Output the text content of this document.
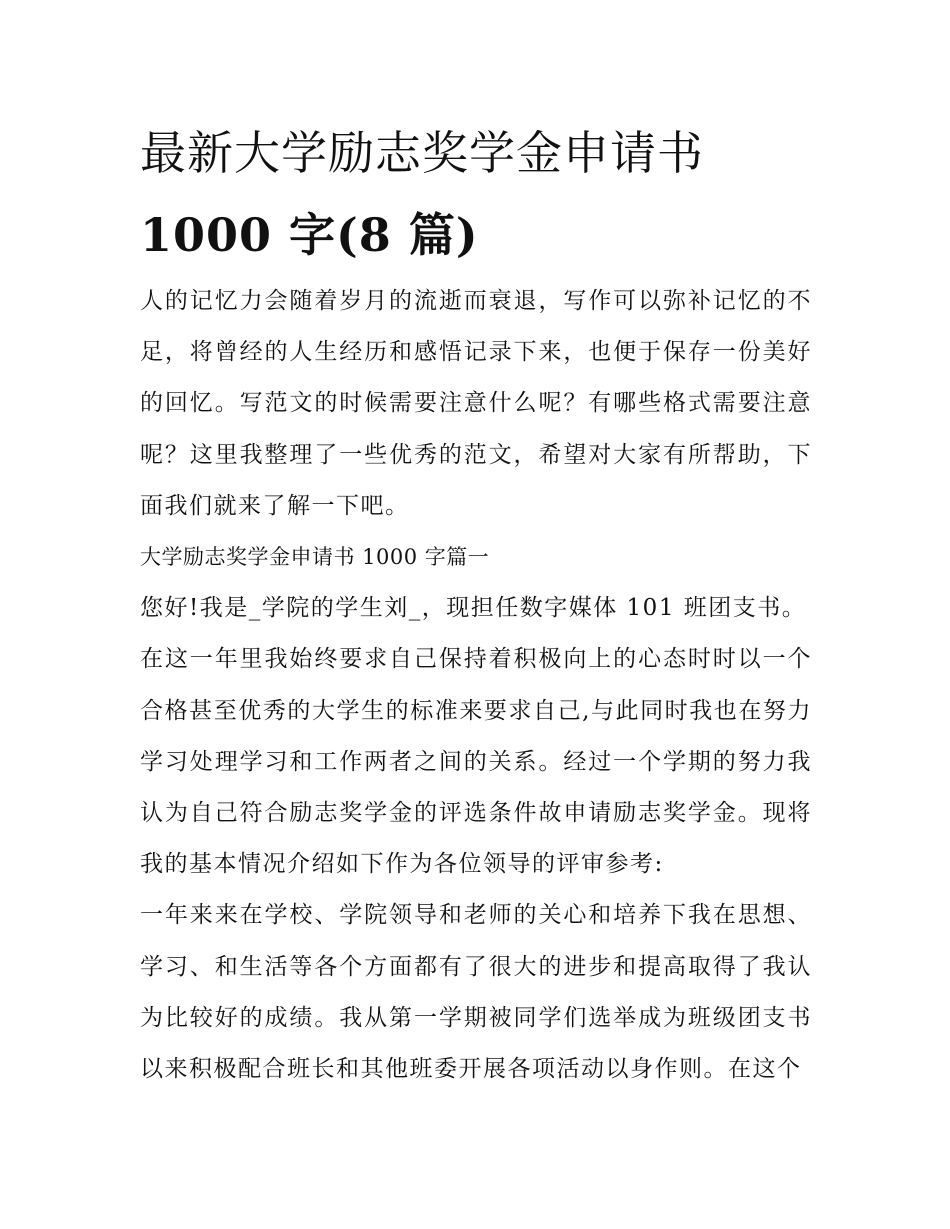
最新大学励志奖学金申请书
1000 字(8 篇)

人的记忆力会随着岁月的流逝而衰退，写作可以弥补记忆的不足，将曾经的人生经历和感悟记录下来，也便于保存一份美好的回忆。写范文的时候需要注意什么呢？有哪些格式需要注意呢？这里我整理了一些优秀的范文，希望对大家有所帮助，下面我们就来了解一下吧。

大学励志奖学金申请书 1000 字篇一

您好!我是_学院的学生刘_，现担任数字媒体 101 班团支书。

在这一年里我始终要求自己保持着积极向上的心态时时以一个合格甚至优秀的大学生的标准来要求自己,与此同时我也在努力学习处理学习和工作两者之间的关系。经过一个学期的努力我认为自己符合励志奖学金的评选条件故申请励志奖学金。现将我的基本情况介绍如下作为各位领导的评审参考:

一年来来在学校、学院领导和老师的关心和培养下我在思想、学习、和生活等各个方面都有了很大的进步和提高取得了我认为比较好的成绩。我从第一学期被同学们选举成为班级团支书以来积极配合班长和其他班委开展各项活动以身作则。在这个
